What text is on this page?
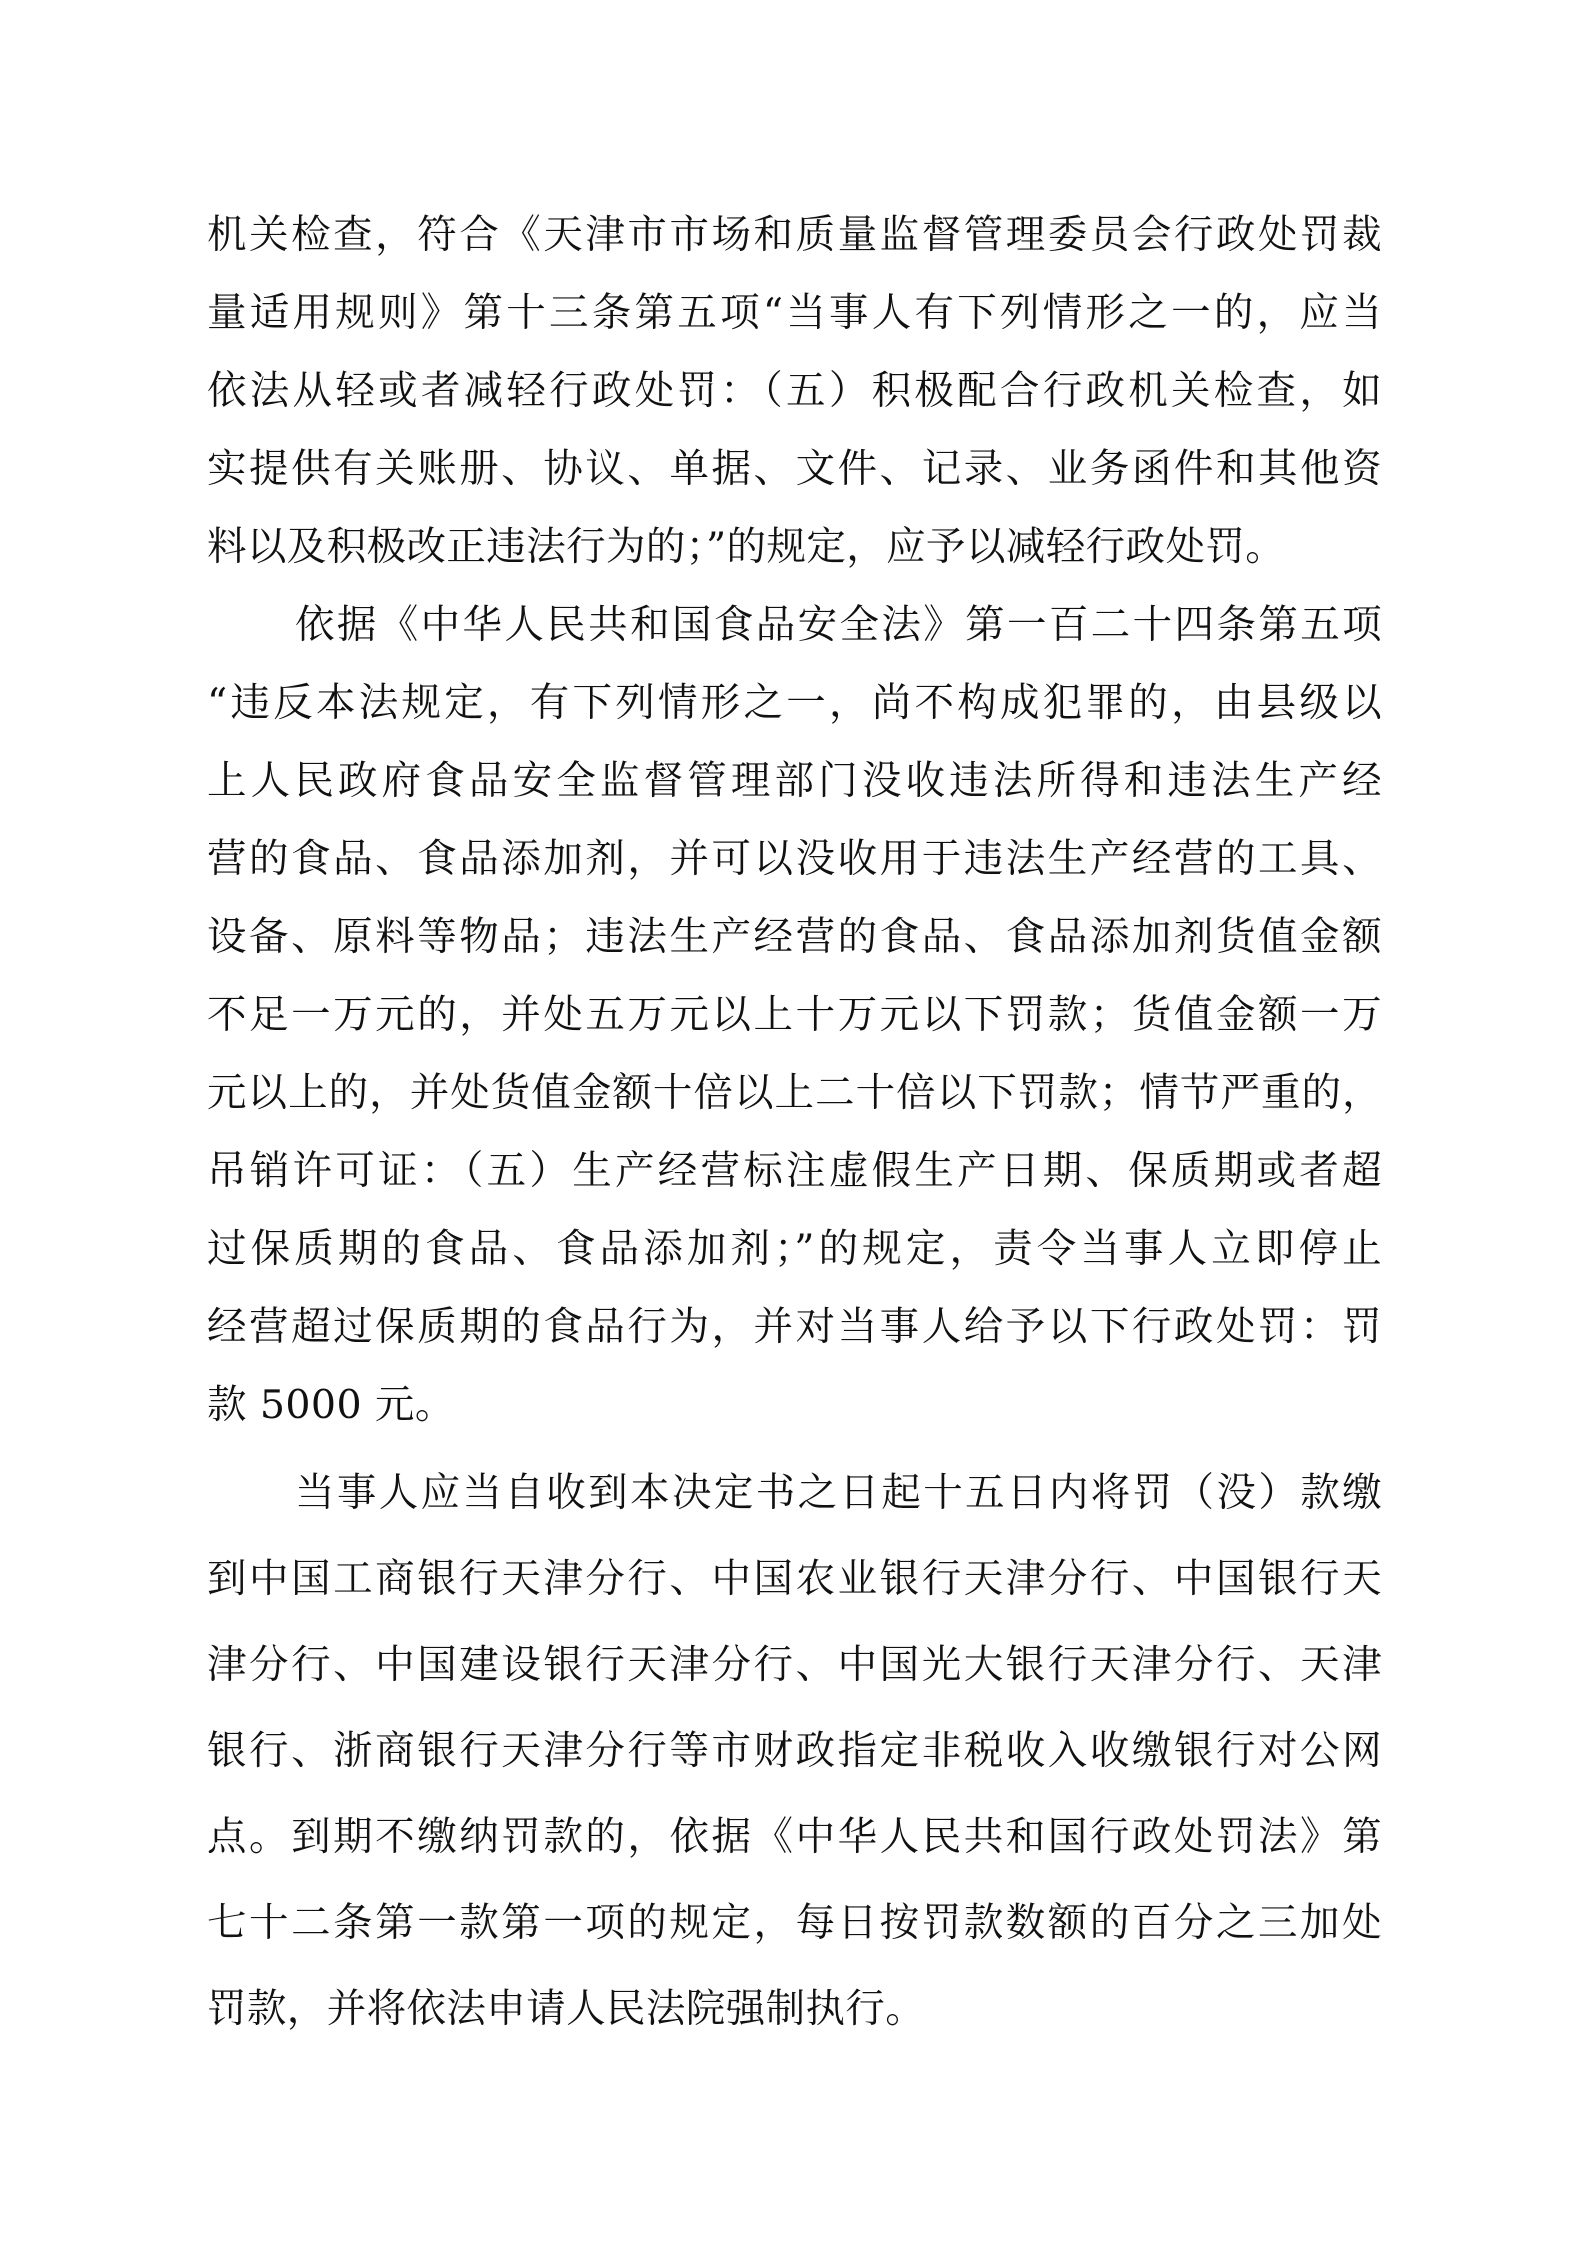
机关检查，符合《天津市市场和质量监督管理委员会行政处罚裁
量适用规则》第十三条第五项“当事人有下列情形之一的，应当
依法从轻或者减轻行政处罚：（五）积极配合行政机关检查，如
实提供有关账册、协议、单据、文件、记录、业务函件和其他资
料以及积极改正违法行为的；”的规定，应予以减轻行政处罚。
依据《中华人民共和国食品安全法》第一百二十四条第五项
“违反本法规定，有下列情形之一，尚不构成犯罪的，由县级以
上人民政府食品安全监督管理部门没收违法所得和违法生产经
营的食品、食品添加剂，并可以没收用于违法生产经营的工具、
设备、原料等物品；违法生产经营的食品、食品添加剂货值金额
不足一万元的，并处五万元以上十万元以下罚款；货值金额一万
元以上的，并处货值金额十倍以上二十倍以下罚款；情节严重的，
吊销许可证：（五）生产经营标注虚假生产日期、保质期或者超
过保质期的食品、食品添加剂；”的规定，责令当事人立即停止
经营超过保质期的食品行为，并对当事人给予以下行政处罚：罚
款 5000 元。
当事人应当自收到本决定书之日起十五日内将罚（没）款缴
到中国工商银行天津分行、中国农业银行天津分行、中国银行天
津分行、中国建设银行天津分行、中国光大银行天津分行、天津
银行、浙商银行天津分行等市财政指定非税收入收缴银行对公网
点。到期不缴纳罚款的，依据《中华人民共和国行政处罚法》第
七十二条第一款第一项的规定，每日按罚款数额的百分之三加处
罚款，并将依法申请人民法院强制执行。
